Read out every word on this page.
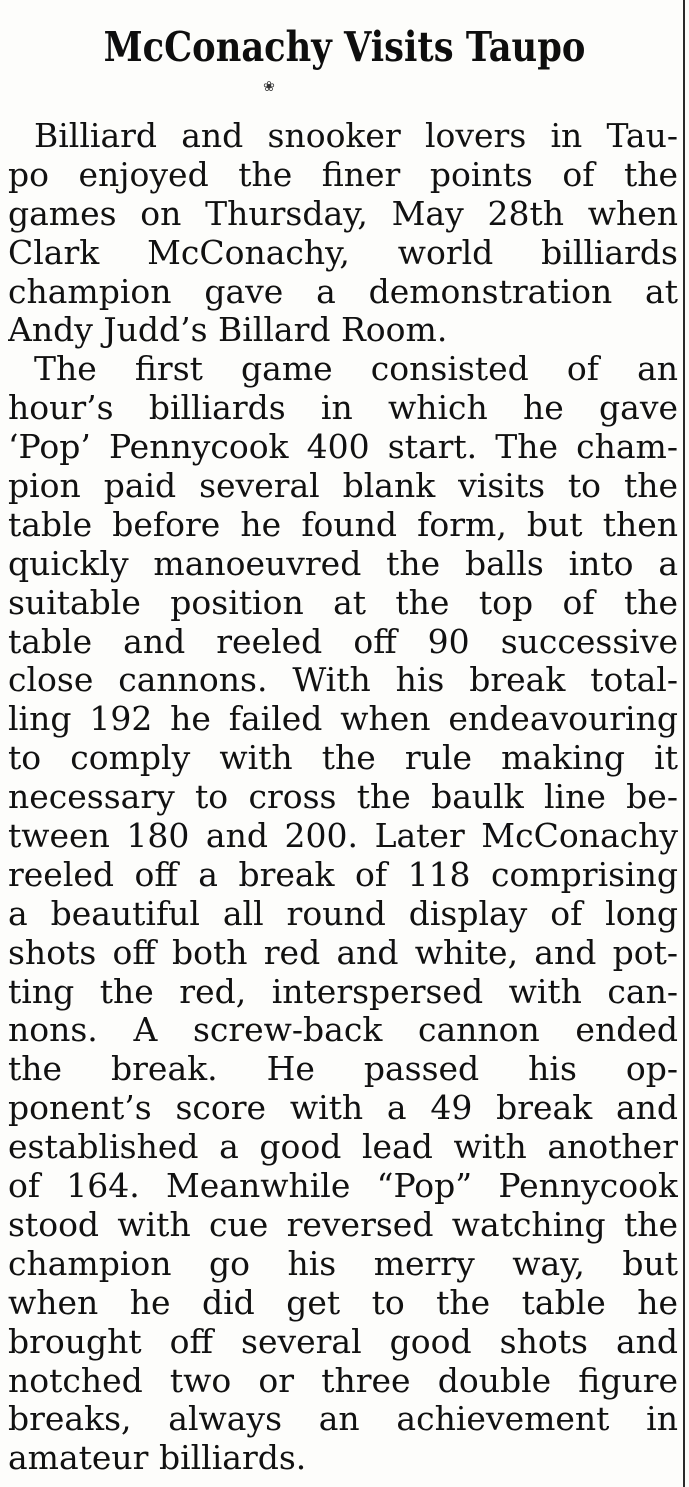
McConachy Visits Taupo
❀
Billiard and snooker lovers in Tau-
po enjoyed the finer points of the
games on Thursday, May 28th when
Clark McConachy, world billiards
champion gave a demonstration at
Andy Judd’s Billard Room.
The first game consisted of an
hour’s billiards in which he gave
‘Pop’ Pennycook 400 start. The cham-
pion paid several blank visits to the
table before he found form, but then
quickly manoeuvred the balls into a
suitable position at the top of the
table and reeled off 90 successive
close cannons. With his break total-
ling 192 he failed when endeavouring
to comply with the rule making it
necessary to cross the baulk line be-
tween 180 and 200. Later McConachy
reeled off a break of 118 comprising
a beautiful all round display of long
shots off both red and white, and pot-
ting the red, interspersed with can-
nons. A screw-back cannon ended
the break. He passed his op-
ponent’s score with a 49 break and
established a good lead with another
of 164. Meanwhile “Pop” Pennycook
stood with cue reversed watching the
champion go his merry way, but
when he did get to the table he
brought off several good shots and
notched two or three double figure
breaks, always an achievement in
amateur billiards.
